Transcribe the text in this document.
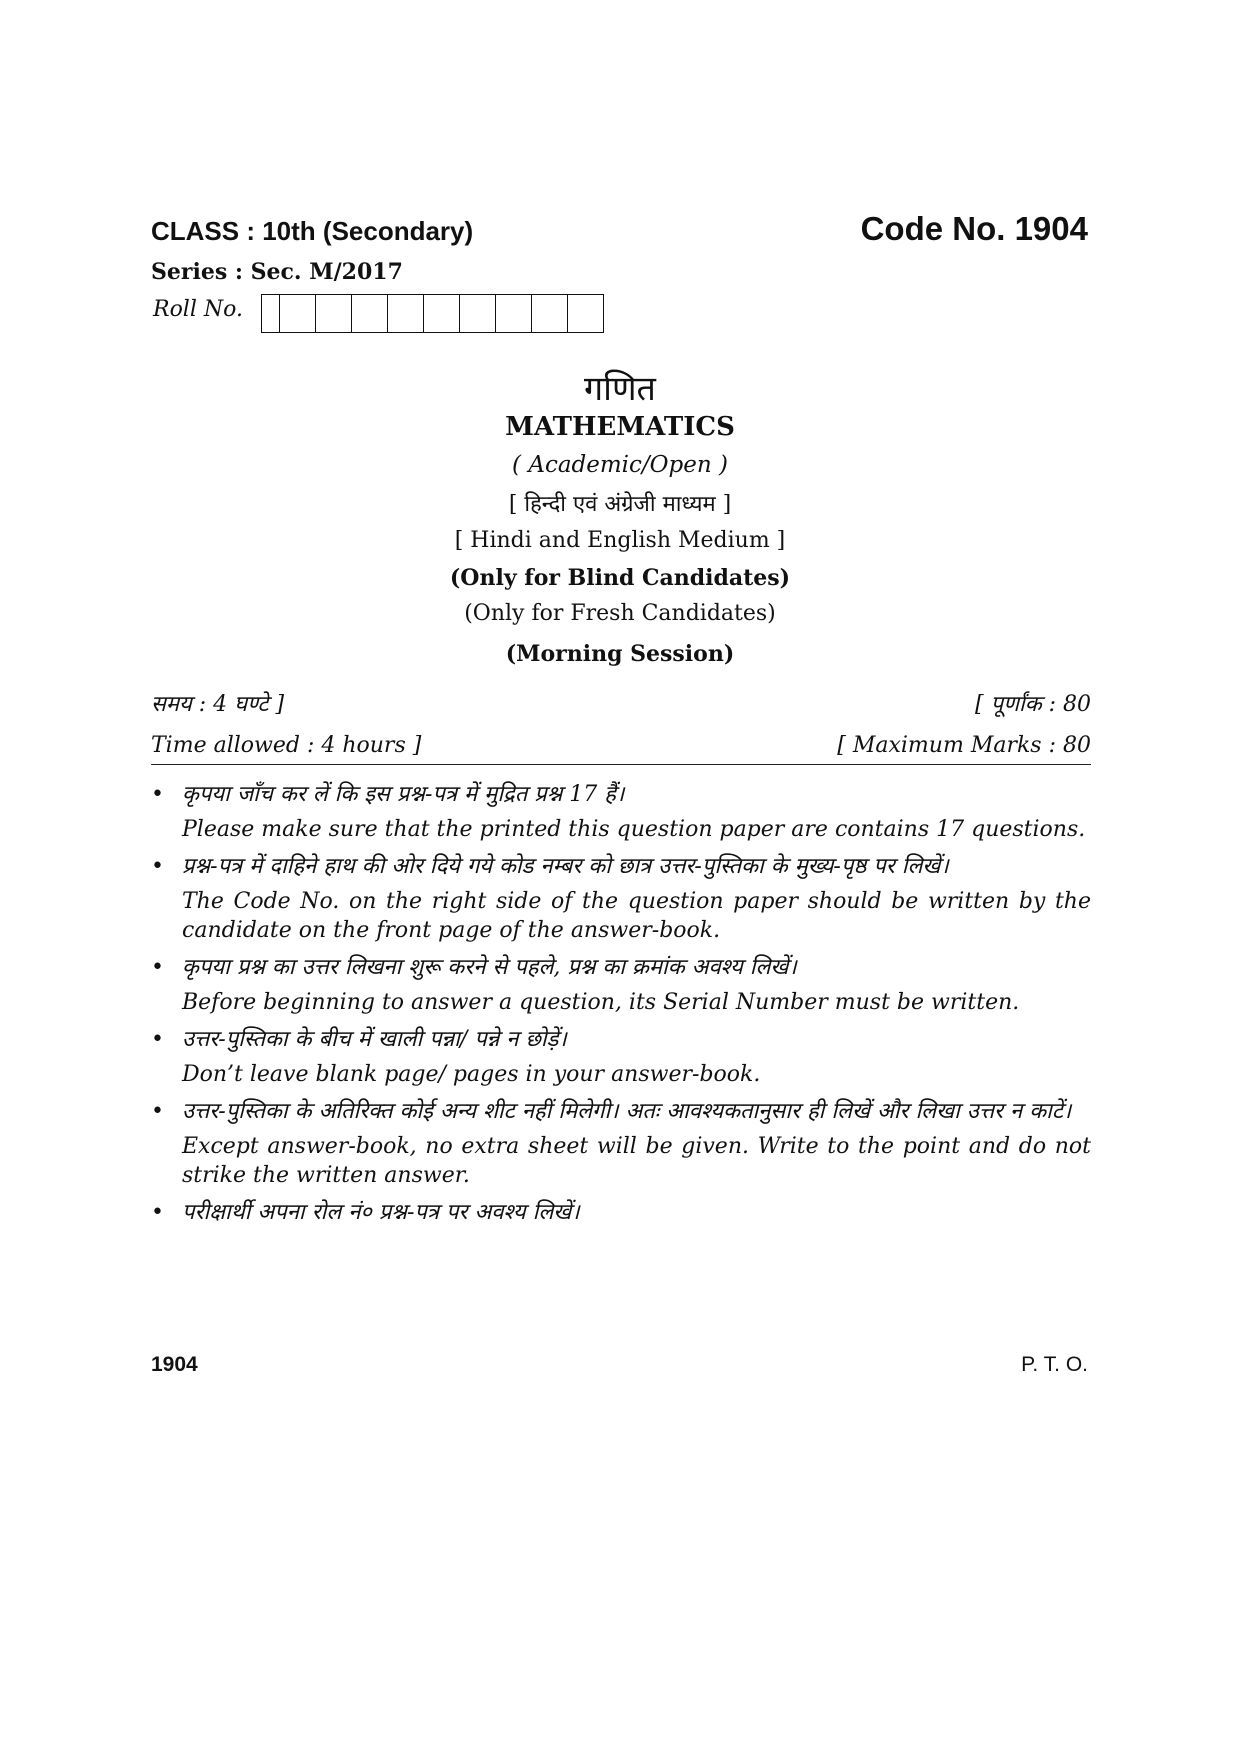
CLASS : 10th (Secondary)	Code No. 1904
Series : Sec. M/2017
Roll No.
गणित
MATHEMATICS
( Academic/Open )
[ हिन्दी एवं अंग्रेजी माध्यम ]
[ Hindi and English Medium ]
(Only for Blind Candidates)
(Only for Fresh Candidates)
(Morning Session)
समय : 4 घण्टे ]	[ पूर्णांक : 80
Time allowed : 4 hours ]	[ Maximum Marks : 80
• कृपया जाँच कर लें कि इस प्रश्न-पत्र में मुद्रित प्रश्न 17 हैं।
Please make sure that the printed this question paper are contains 17 questions.
• प्रश्न-पत्र में दाहिने हाथ की ओर दिये गये कोड नम्बर को छात्र उत्तर-पुस्तिका के मुख्य-पृष्ठ पर लिखें।
The Code No. on the right side of the question paper should be written by the candidate on the front page of the answer-book.
• कृपया प्रश्न का उत्तर लिखना शुरू करने से पहले, प्रश्न का क्रमांक अवश्य लिखें।
Before beginning to answer a question, its Serial Number must be written.
• उत्तर-पुस्तिका के बीच में खाली पन्ना/ पन्ने न छोड़ें।
Don’t leave blank page/ pages in your answer-book.
• उत्तर-पुस्तिका के अतिरिक्त कोई अन्य शीट नहीं मिलेगी। अतः आवश्यकतानुसार ही लिखें और लिखा उत्तर न काटें।
Except answer-book, no extra sheet will be given. Write to the point and do not strike the written answer.
• परीक्षार्थी अपना रोल नं० प्रश्न-पत्र पर अवश्य लिखें।
1904	P. T. O.
